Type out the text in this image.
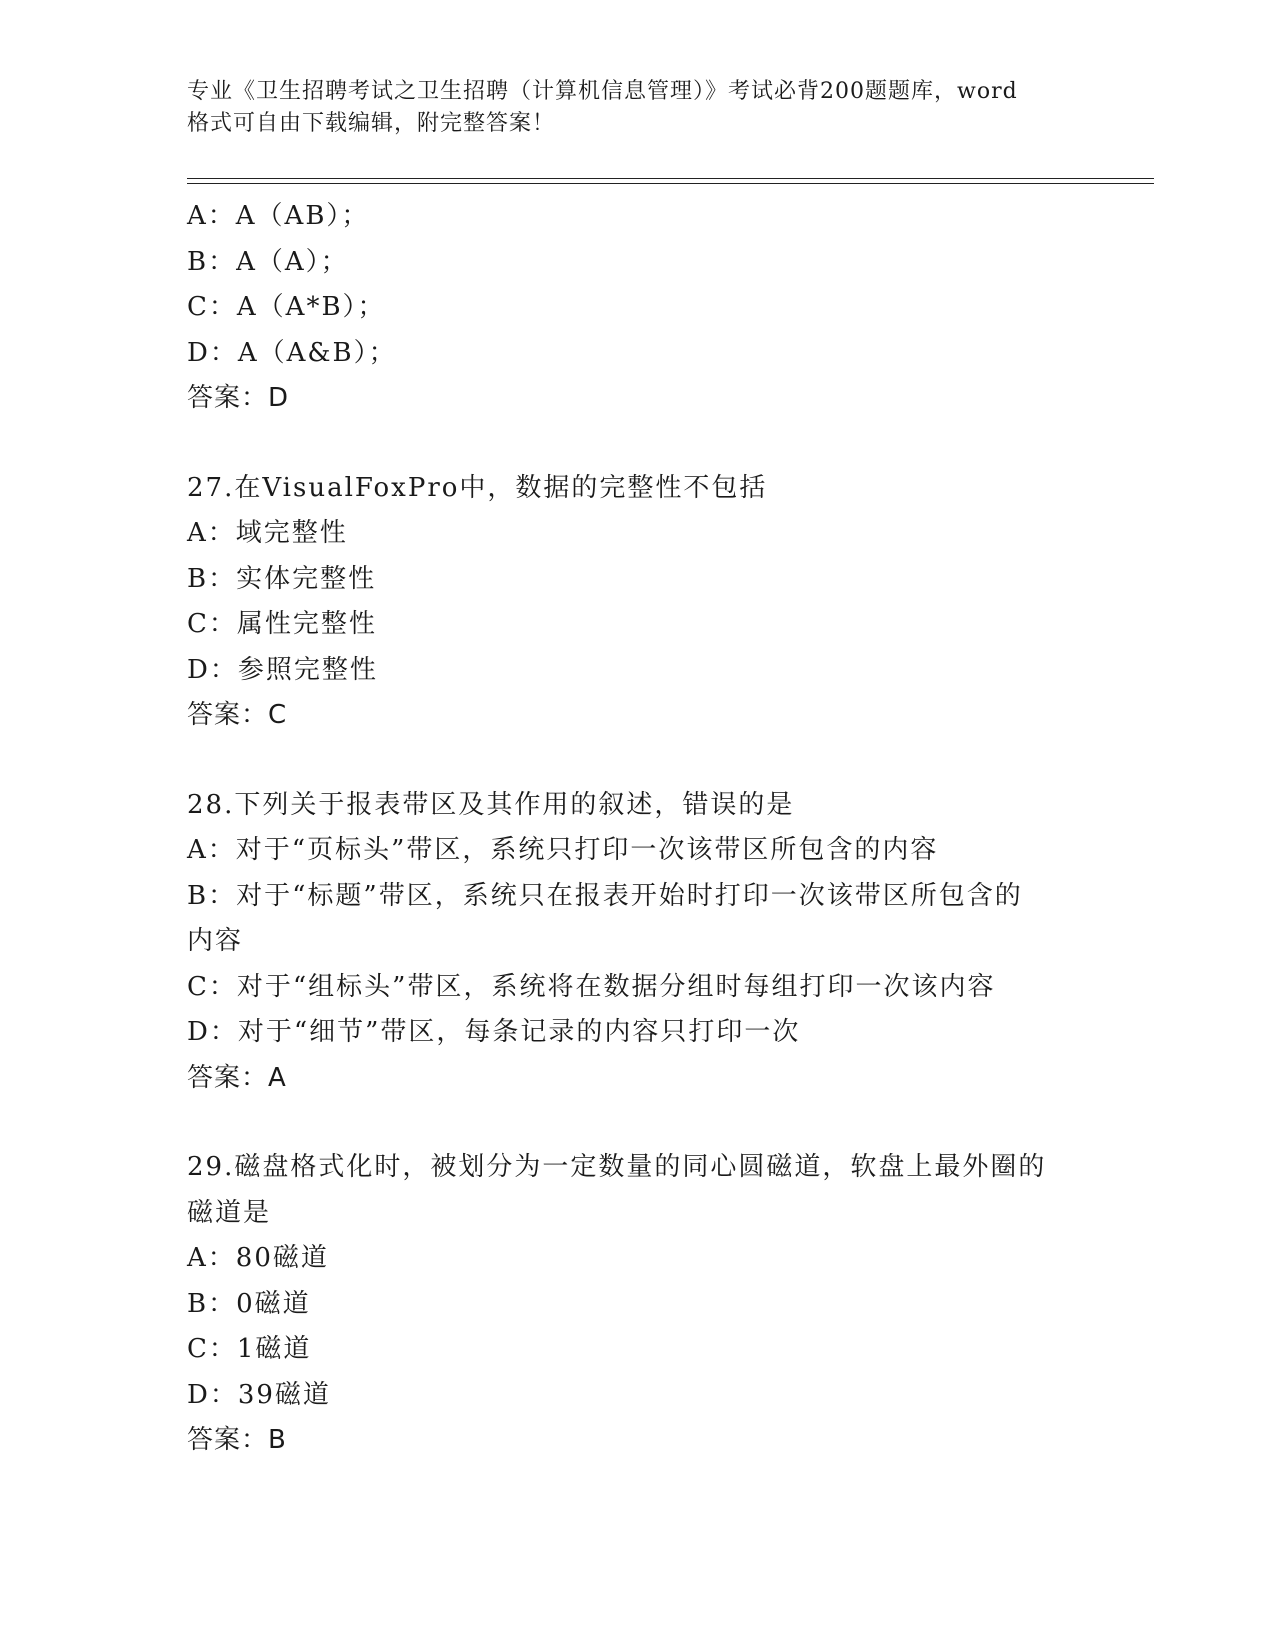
专业《卫生招聘考试之卫生招聘（计算机信息管理）》考试必背200题题库，word
格式可自由下载编辑，附完整答案！
A：A（AB）；
B：A（A）；
C：A（A*B）；
D：A（A&B）；
答案：D
27.在VisualFoxPro中，数据的完整性不包括
A：域完整性
B：实体完整性
C：属性完整性
D：参照完整性
答案：C
28.下列关于报表带区及其作用的叙述，错误的是
A：对于“页标头”带区，系统只打印一次该带区所包含的内容
B：对于“标题”带区，系统只在报表开始时打印一次该带区所包含的
内容
C：对于“组标头”带区，系统将在数据分组时每组打印一次该内容
D：对于“细节”带区，每条记录的内容只打印一次
答案：A
29.磁盘格式化时，被划分为一定数量的同心圆磁道，软盘上最外圈的
磁道是
A：80磁道
B：0磁道
C：1磁道
D：39磁道
答案：B
